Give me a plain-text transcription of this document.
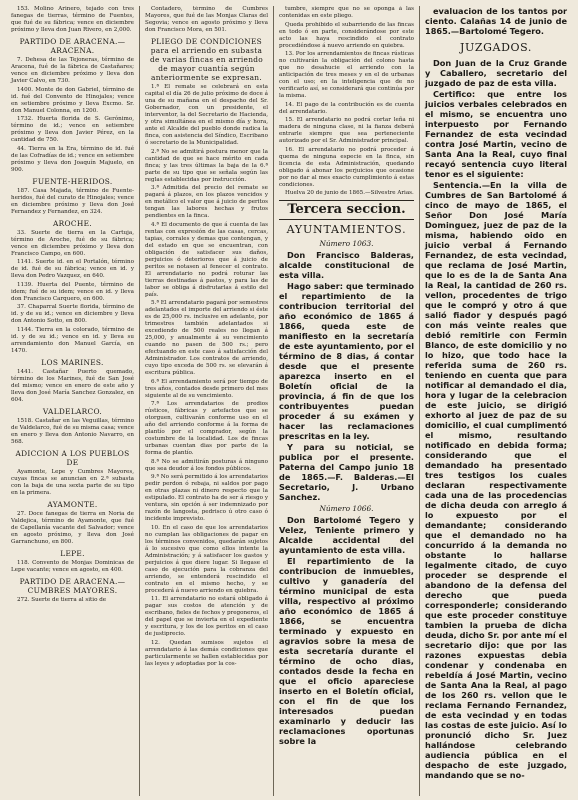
153. Molino Arinero, tejado con tres fanegas de tierras, término de Fuentes, que fué de su fábrica; vence en diciembre próximo y lleva don Juan Rivero, en 2,000.
PARTIDO DE ARACENA.—ARACENA.
7. Dehesa de las Tejoneras, término de Aracena, fué de la fábrica de Castañares; vence en diciembre próximo y lleva don Javier Calvo, en 730.
1400. Monte de don Gabriel, término de id. fué del Convento de Hinojales; vence en setiembre próximo y lleva Excmo. Sr. don Manuel Colonna, en 1200.
1732. Huerta florida de S. Gerónimo, término de id.; vence en setiembre próximo y lleva don Javier Pérez, en la cantidad de 750.
44. Tierra en la Era, término de id. fué de las Cofradías de id.; vence en setiembre próximo y lleva don Joaquín Majuelo, en 900.
FUENTE-HERIDOS.
187. Casa Majada, término de Fuente-heridos, fué del curato de Hinojales; vence en diciembre próximo y lleva don José Fernandez y Fernandez, en 324.
AROCHE.
33. Suerte de tierra en la Cartuja, término de Aroche, fué de su fábrica; vence en diciembre próximo y lleva don Francisco Campo, en 600.
1141. Suerte id. en el Portalón, término de id. fué de su fábrica; vence en id. y lleva don Pedro Vazquez, en 640.
1139. Huerta del Puente, término de idem; fué de su idem; vence en id. y lleva don Francisco Carquero, en 600.
37. Chaparral Suerte florida, término de id. y de su id.; vence en diciembre y lleva don Antonio Sotto, en 800.
1144. Tierra en la colorado, término de id. y de su id.; vence en id. y lleva su arrendamiento don Manuel García, en 1470.
LOS MARINES.
1441. Castañar Puerto quemado, término de los Marines, fué de San José del mismo; vence en enero de este año y lleva don José María Sanchez Gonzalez, en 604.
VALDELARCO.
1518. Castañar en las Veguillas, término de Valdelarco, fué de su misma casa; vence en enero y lleva don Antonio Navarro, en 568.
ADICCION A LOS PUEBLOS DE
Ayamonte, Lepe y Cumbres Mayores, cuyas fincas se anuncian en 2.ª subasta con la baja de una sexta parte de su tipo en la primera.
AYAMONTE.
27. Doce fanegas de tierra en Noria de Valdejica, término de Ayamonte, que fué de Capellanía vacante del Salvador; vence en agosto próximo, y lleva don José Garranchuno, en 800.
LEPE.
118. Convento de Monjas Dominicas de Lepe vacante; vence en agosto, en 400.
PARTIDO DE ARACENA.—CUMBRES MAYORES.
272. Suerte de tierra al sitio de
Contadero, término de Cumbres Mayores, que fué de las Monjas Claras del Segovia; vence en agosto próximo y lleva don Francisco Mora, en 501.
PLIEGO DE CONDICIONES para el arriendo en subasta de varias fincas en arriendo de mayor cuantía según anteriormente se expresan.
1.ª El remate se celebrará en esta capital el día 26 de julio próximo de doce á una de su mañana en el despacho del Sr. Gobernador, con un presidente, el interventor, la del Secretario de Hacienda, y otra simultánea en el mismo día y hora, ante el Alcalde del pueblo donde radica la finca, con asistencia del Síndico, Escribano ó secretario de la Municipalidad.
2.ª No se admitirá postura menor que la cantidad de que se hace mérito en cada finca; y las tres últimas la baja de la 6.ª parte de su tipo que se señala según las reglas establecidas por instrucción.
3.ª Admitida del precio del remate se pagará á plazos, en los plazos vencidos y en metálico el valor que á juicio de peritos tengan las labores hechas y frutos pendientes en la finca.
4.ª El documento de que á cuenta de las rentas con expresión de las casas, cercas, tapias, corrales y demas que contengan, y del estado en que se encuentran, con obligación de satisfacer sus daños, perjuicios ó deterioros que á juicio de peritos se notasen al fenecer el contrato. El arrendatario no podrá roturar las tierras destinadas á pastos, y para las de labor se obliga á disfrutarlas á estilo del país.
5.ª El arrendatario pagará por semestres adelantados el importe del arriendo si éste es de 25,000 rs. inclusive en adelante, por trimestres también adelantados si excediendo de 500 reales no llegan á 25,000, y anualmente á su vencimiento cuando no pasen de 500 rs.; pero efectuando en este caso á satisfacción del Administrador. Los contratos de arriendo, cuyo tipo exceda de 500 rs. se elevarán á escritura pública.
6.ª El arrendamiento será por tiempo de tres años, contados desde primero del mes siguiente al de su vencimiento.
7.ª Los arrendatarios de predios rústicos, fábricas y artefactos que se otorguen, cultivarán conforme uso en el año del arriendo conforme á la forma de plantío por el comprador, según la costumbre de la localidad. Los de fincas urbanas cuentan dias por parte de la forma de plantío.
8.ª No se admitirán posturas á ninguno que sea deudor á los fondos públicos.
9.ª No será permitido á los arrendatarios pedir perdon ó rebaja, ni saldos por pago en otras plazas ni dinero respecto que la estipulado. El contrato ha de ser á riesgo y ventura, sin opción á ser indemnizado por razón de langosta, pedrisco ú otro caso ó incidente imprevisto.
10. En el caso de que los arrendatarios no cumplan las obligaciones de pagar en los términos convenidos, quedarán sujetos á lo sucesivo que como ellos intente la Administración; y á satisfacer los gastos y perjuicios á que diere lugar. Si llegase el caso de ejecución para la cobranza del arriendo, se entenderá rescindido el contrato en el mismo hecho, y se procederá á nuevo arriendo en quiebra.
11. El arrendatario no estará obligado á pagar sus costos de atención y de escribano, fieles de fechos y pregoneros, el del papel que se invierta en el expediente y escritura, y los de los peritos en el caso de justiprecio.
12. Quedan sumisos sujetos el arrendatario á las demás condiciones que particularmente se hallen establecidas por las leyes y adoptadas por la cos-
tumbre, siempre que no se oponga á las contenidas en este pliego.
Queda prohibido el subarriendo de las fincas en todo ó en parte, considerándose por este acto las haya rescindido el contrato procediéndose á nuevo arriendo en quiebra.
13. Por los arrendamientos de fincas rústicas no cultivarán la obligación del colono hasta que no desahucie el arriendo con la anticipación de tres meses y en el de urbanas con el uso; en la inteligencia que de no verificarlo así, se considerará que continúa por la misma.
14. El pago de la contribución es de cuenta del arrendatario.
15. El arrendatario no podrá cortar leña ni madera de ninguna clase, ni la fianza deberá entrarle siempre que sea perteneciente autorizado por el Sr. Administrador principal.
16. El arrendatario no podrá proceder á quema de ninguna especie en la finca, sin licencia de esta Administración, quedando obligado á abonar los perjuicios que ocasione por no dar al mes exacto cumplimiento á estas condiciones.
Huelva 20 de junio de 1865.—Silvestre Arias.
Tercera seccion.
AYUNTAMIENTOS.
Número 1063.
Don Francisco Balderas, alcalde constitucional de esta villa.
Hago saber: que terminado el repartimiento de la contribucion territorial del año económico de 1865 á 1866, queda este de manifiesto en la secretaría de este ayuntamiento, por el término de 8 dias, á contar desde que el presente aparezca inserto en el Boletín oficial de la provincia, á fin de que los contribuyentes puedan proceder á su exámen y hacer las reclamaciones prescritas en la ley.
Y para su noticial, se publica por el presente. Paterna del Campo junio 18 de 1865.—F. Balderas.—El Secretario, J. Urbano Sanchez.
Número 1066.
Don Bartolomé Tegero y Velez, Teniente primero y Alcalde accidental del ayuntamiento de esta villa.
El repartimiento de la contribucion de inmuebles, cultivo y ganadería del término municipal de esta villa, respectivo al próximo año económico de 1865 á 1866, se encuentra terminado y expuesto en agravios sobre la mesa de esta secretaría durante el término de ocho dias, contados desde la fecha en que el oficio apareciese inserto en el Boletín oficial, con el fin de que los interesados puedan examinarlo y deducir las reclamaciones oportunas sobre la
evaluacion de los tantos por ciento. Calañas 14 de junio de 1865.—Bartolomé Tegero.
JUZGADOS.
Don Juan de la Cruz Grande y Caballero, secretario del juzgado de paz de esta villa.
Certifico: que entre los juicios verbales celebrados en el mismo, se encuentra uno interpuesto por Fernando Fernandez de esta vecindad contra José Martin, vecino de Santa Ana la Real, cuyo final recayó sentencia cuyo literal tenor es el siguiente:
Sentencia.—En la villa de Cumbres de San Bartolomé á cinco de mayo de 1865, el Señor Don José María Dominguez, juez de paz de la misma, habiendo oido en juicio verbal á Fernando Fernandez, de esta vecindad, que reclama de José Martin, que lo es de la de Santa Ana la Real, la cantidad de 260 rs. vellon, procedentes de trigo que le compró y otro á que salió fiador y después pagó con más veinte reales que debió remitirle con Fermin Blanco, de este domicilio y no lo hizo, que todo hace la referida suma de 260 rs. teniendo en cuenta que para notificar al demandado el dia, hora y lugar de la celebracion de este juicio, se dirigió exhorto al juez de paz de su domicilio, el cual cumplimentó el mismo, resultando notificado en debida forma; considerando que el demandado ha presentado tres testigos los cuales declaran respectivamente cada una de las procedencias de dicha deuda con arreglo á lo expuesto por el demandante; considerando que el demandado no ha concurrido á la demanda no obstante lo hallarse legalmente citado, de cuyo proceder se desprende el abandono de la defensa del derecho que pueda corresponderle; considerando que este proceder constituye tambien la prueba de dicha deuda, dicho Sr. por ante mí el secretario dijo: que por las razones expuestas debia condenar y condenaba en rebeldía á José Martin, vecino de Santa Ana la Real, al pago de los 260 rs. vellon que le reclama Fernando Fernandez, de esta vecindad y en todas las costas de este juicio. Así lo pronunció dicho Sr. Juez hallándose celebrando audiencia pública en el despacho de este juzgado, mandando que se no-
